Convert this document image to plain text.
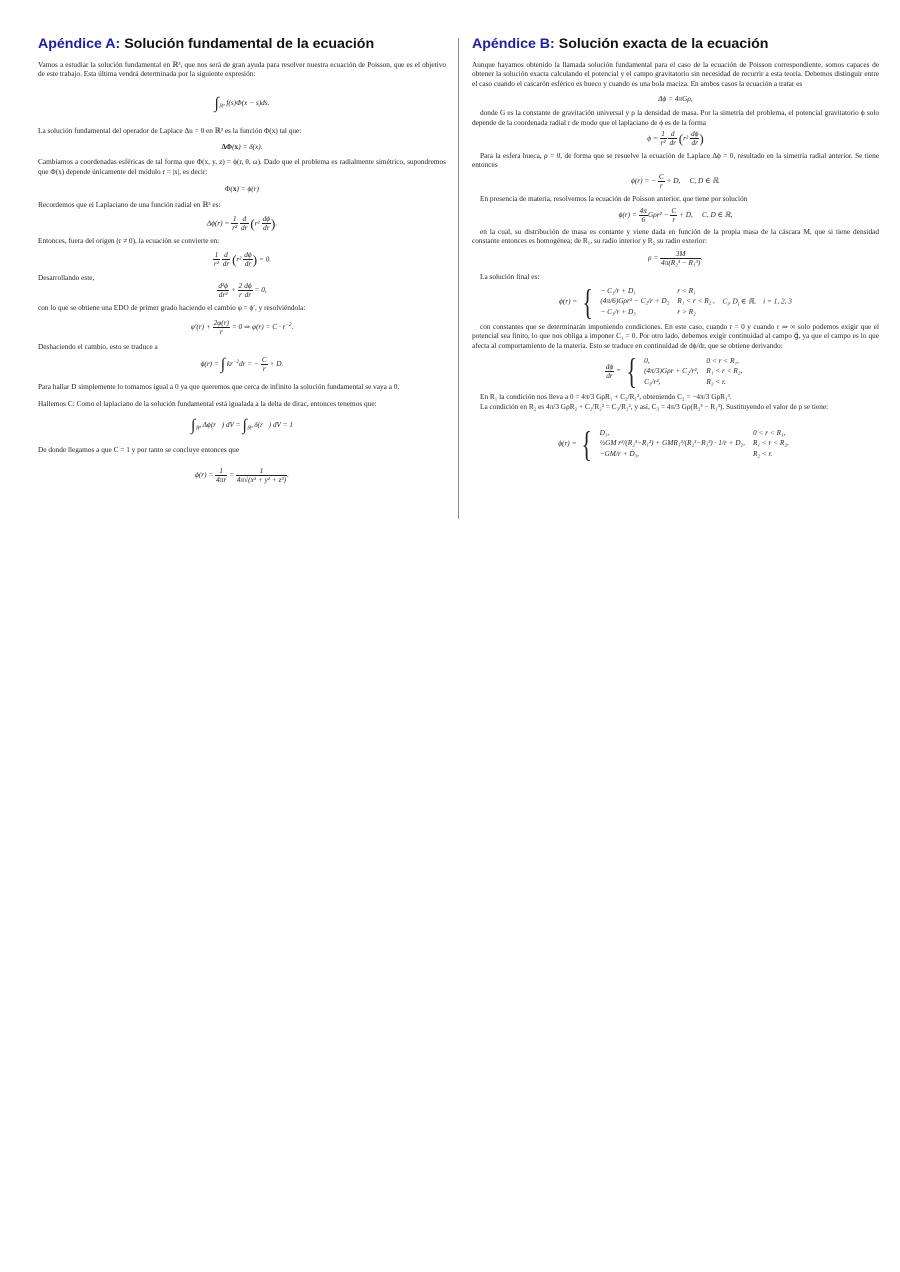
Apéndice A: Solución fundamental de la ecuación

Vamos a estudiar la solución fundamental en ℝ³, que nos será de gran ayuda para resolver nuestra ecuación de Poisson, que es el objetivo de este trabajo. Esta última vendrá determinada por la siguiente expresión:

$\int_{ℝ^3}$ f(s)Φ(x − s)ds.

La solución fundamental del operador de Laplace Δu = 0 en ℝ³ es la función Φ(x) tal que:

ΔΦ(x) = δ(x).

Cambiamos a coordenadas esféricas de tal forma que Φ(x, y, z) = ϕ(r, θ, ω). Dado que el problema es radialmente simétrico, supondremos que Φ(x) depende únicamente del módulo r = |x|, es decir:

Φ(x) = ϕ(r)

Recordemos que el Laplaciano de una función radial en ℝ³ es:

$\Delta\phi(r) = \frac{1}{\text{r²}}$
$\frac{d}{dr} (r^2 \frac{d\phi}{dr}$ ).

Entonces, fuera del origen (r ≠ 0), la ecuación se convierte en:

$\frac{1}{\text{r²}}$
$\frac{d}{dr} (r^2 \frac{d\phi}{dr}$ ) = 0.

Desarrollando este,

$\frac{\text{d²ϕ}}{\text{dr²}} + \frac{2}{r} \frac{d\phi}{dr} = 0$,

con lo que se obtiene una EDO de primer grado haciendo el cambio φ = ϕ′, y resolviéndola:

$\varphi'(r) + \frac{2\varphi(r)}{r} = 0$ ⇒ $\varphi(r) = C \cdot r^{-2}$.

Deshaciendo el cambio, esto se traduce a

ϕ(r) = ∫ $kr^{-2}dr$ = − $\frac{C}{r} + D$.

Para hallar D simplemente lo tomamos igual a 0 ya que queremos que cerca de infinito la solución fundamental se vaya a 0.

Hallemos C: Como el laplaciano de la solución fundamental está igualada a la delta de dirac, entonces tenemos que:

$\int_{ℝ^3}$ Δϕ(r⃗) dV = $\int_{ℝ^3}$ δ(r⃗) dV = 1

De donde llegamos a que C = 1 y por tanto se concluye entonces que

$\phi(r) = \frac{1}{4\pi r} = \frac{1}{\text{4π√(x² + y² + z²)}}$ .
Apéndice B: Solución exacta de la ecuación

Aunque hayamos obtenido la llamada solución fundamental para el caso de la ecuación de Poisson correspondiente, somos capaces de obtener la solución exacta calculando el potencial y el campo gravitatorio sin necesidad de recurrir a esta teoría. Debemos distinguir entre el caso cuando el cascarón esférico es hueco y cuando es una bola maciza. En ambos casos la ecuación a tratar es

Δϕ = 4πGρ,

donde G es la constante de gravitación universal y ρ la densidad de masa. Por la simetría del problema, el potencial gravitatorio ϕ solo depende de la coordenada radial r de modo que el laplaciano de ϕ es de la forma

$\phi = \frac{1}{\text{r²}}$
$\frac{d}{dr} (r^2 \frac{d\phi}{dr}$ )

Para la esfera hueca, ρ = 0, de forma que se resuelve la ecuación de Laplace Δϕ = 0, resultado en la simetría radial anterior. Se tiene entonces

ϕ(r) = − $\frac{C}{r} + D$,     C, D ∈ ℝ.

En presencia de materia, resolvemos la ecuación de Poisson anterior, que tiene por solución

$\phi(r) = \frac{4\pi}{6} G\rho r^2 - \frac{C}{r} + D$,     C, D ∈ ℝ,

en la cual, su distribución de masa es contante y viene dada en función de la propia masa de la cáscara M, que si tiene densidad constante entonces es homogénea; de R₁, su radio interior y R₂ su radio exterior:

$\rho = \frac{3M}{\text{4π(R₂³ − R₁³)}}$ .

La solución final es:

ϕ(r) = { − C₁/r + D₁	r < R₁
(4π/6)Gρr² − C₂/r + D₂	R₁ < r < R₂ ,
− C₃/r + D₃	r > R₂  $C_i$, $D_i$ ∈ ℝ,    i = 1, 2, 3

con constantes que se determinarán imponiendo condiciones. En este caso, cuando r = 0 y cuando r ⇒ ∞ solo podemos exigir que el potencial sea finito, lo que nos obliga a imponer C₁ = 0. Por otro lado, debemos exigir continuidad al campo g⃗, ya que el campo es lo que afecta al comportamiento de la materia. Esto se traduce en continuidad de dϕ/dr, que se obtiene derivando:

$\frac{d\phi}{dr}$ = { 0,	0 < r < R₁,
(4π/3)Gρr + C₂/r²,	R₁ < r < R₂,
C₃/r²,	R₂ < r.

En R₁ la condición nos lleva a 0 = 4π/3 GρR₁ + C₂/R₁², obteniendo C₂ = −4π/3 GρR₁³.

La condición en R₂ es 4π/3 GρR₂ + C₂/R₂² = C₃/R₂², y así, C₃ = 4π/3 Gρ(R₂³ − R₁³). Sustituyendo el valor de ρ se tiene:

ϕ(r) = { D₁,	0 < r < R₁,
½GM r²/(R₂³−R₁³) + GMR₁³/(R₂³−R₁³) · 1/r + D₂,	R₁ < r < R₂,
−GM/r + D₃,	R₂ < r.
